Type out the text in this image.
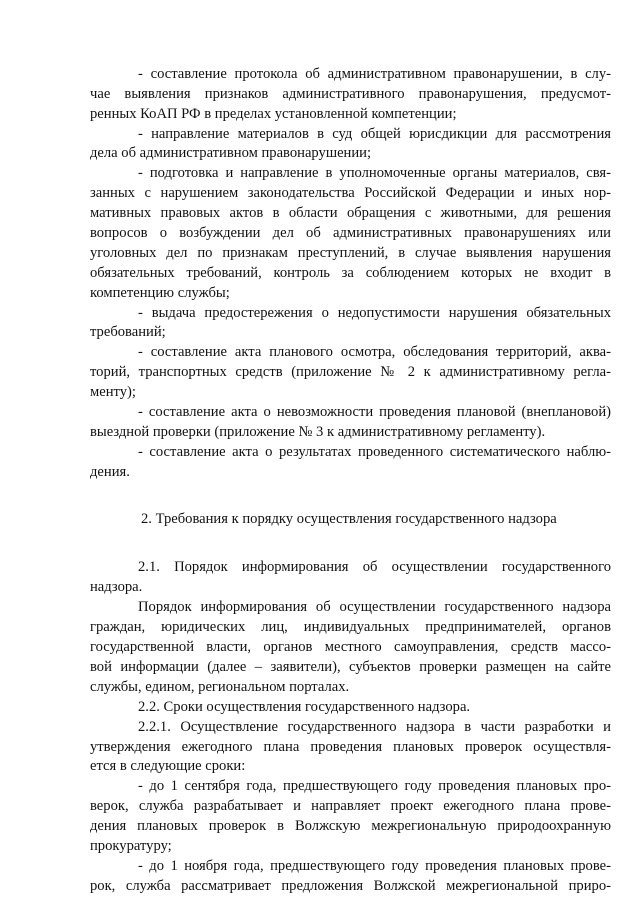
- составление протокола об административном правонарушении, в слу-

чае выявления признаков административного правонарушения, предусмот-

ренных КоАП РФ в пределах установленной компетенции;

- направление материалов в суд общей юрисдикции для рассмотрения

дела об административном правонарушении;

- подготовка и направление в уполномоченные органы материалов, свя-

занных с нарушением законодательства Российской Федерации и иных нор-

мативных правовых актов в области обращения с животными, для решения

вопросов о возбуждении дел об административных правонарушениях или

уголовных дел по признакам преступлений, в случае выявления нарушения

обязательных требований, контроль за соблюдением которых не входит в

компетенцию службы;

- выдача предостережения о недопустимости нарушения обязательных

требований;

- составление акта планового осмотра, обследования территорий, аква-

торий, транспортных средств (приложение № 2 к административному регла-

менту);

- составление акта о невозможности проведения плановой (внеплановой)

выездной проверки (приложение № 3 к административному регламенту).

- составление акта о результатах проведенного систематического наблю-

дения.

2. Требования к порядку осуществления государственного надзора

2.1. Порядок информирования об осуществлении государственного

надзора.

Порядок информирования об осуществлении государственного надзора

граждан, юридических лиц, индивидуальных предпринимателей, органов

государственной власти, органов местного самоуправления, средств массо-

вой информации (далее – заявители), субъектов проверки размещен на сайте

службы, едином, региональном порталах.

2.2. Сроки осуществления государственного надзора.

2.2.1. Осуществление государственного надзора в части разработки и

утверждения ежегодного плана проведения плановых проверок осуществля-

ется в следующие сроки:

- до 1 сентября года, предшествующего году проведения плановых про-

верок, служба разрабатывает и направляет проект ежегодного плана прове-

дения плановых проверок в Волжскую межрегиональную природоохранную

прокуратуру;

- до 1 ноября года, предшествующего году проведения плановых прове-

рок, служба рассматривает предложения Волжской межрегиональной приро-
